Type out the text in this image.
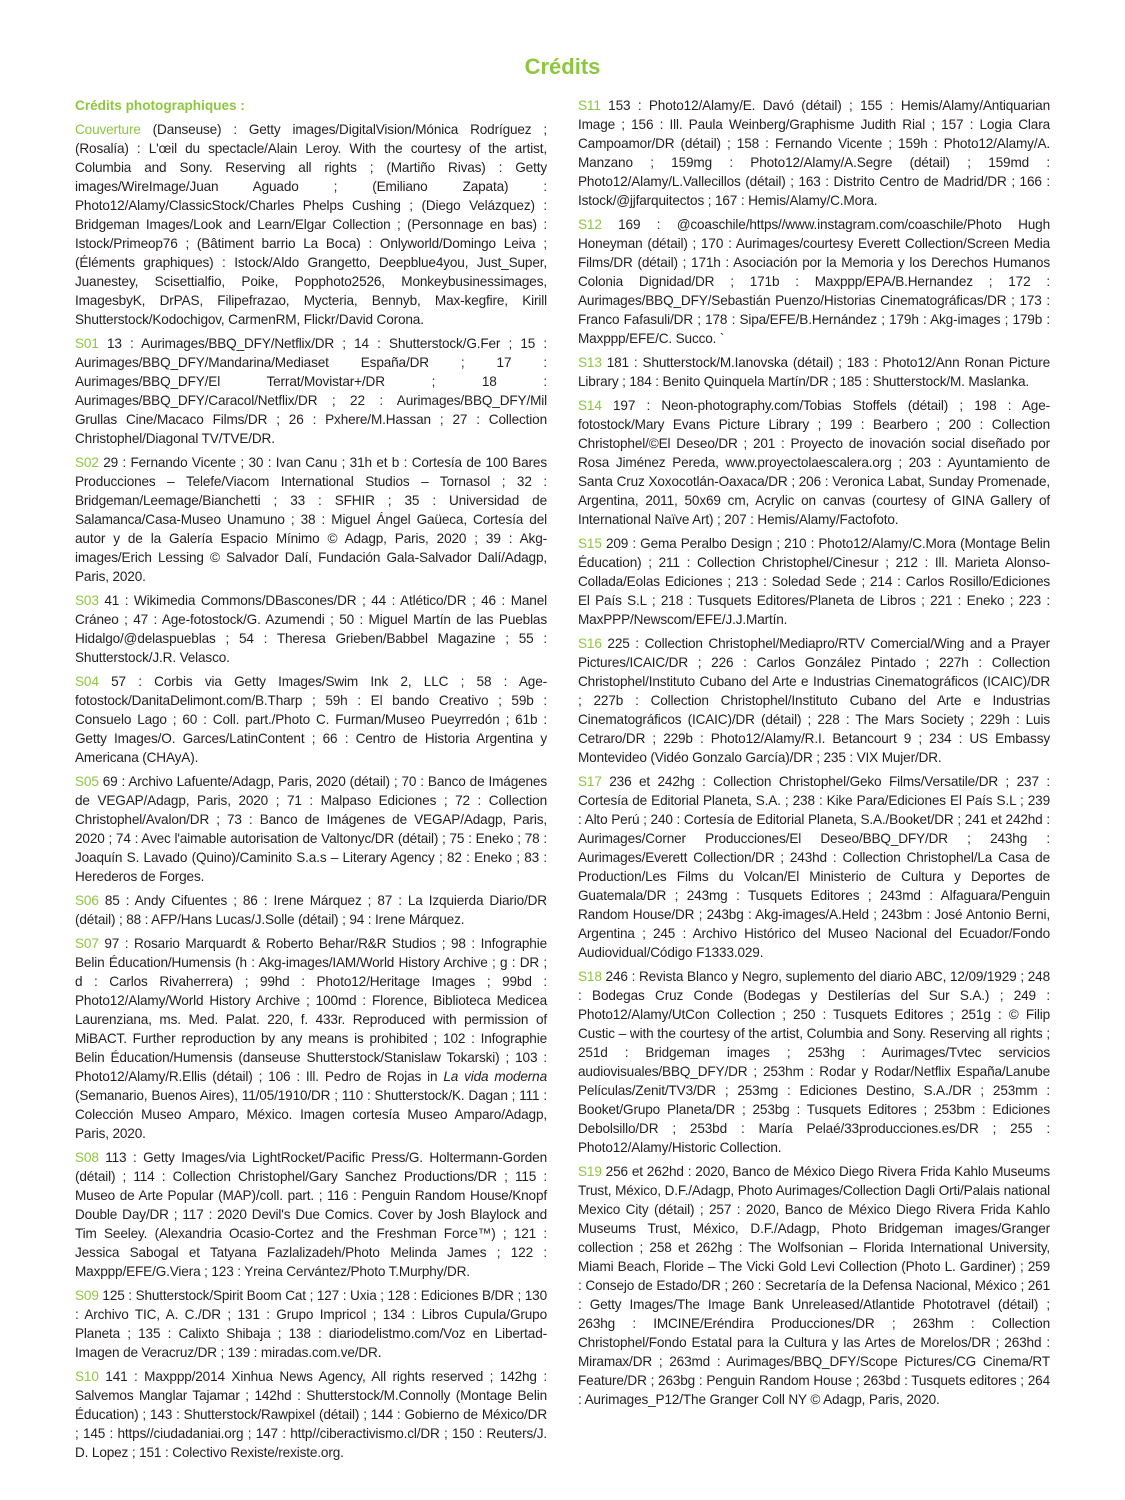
Crédits
Crédits photographiques :

Couverture (Danseuse) : Getty images/DigitalVision/Mónica Rodríguez ; (Rosalía) : L'œil du spectacle/Alain Leroy. With the courtesy of the artist, Columbia and Sony. Reserving all rights ; (Martiño Rivas) : Getty images/WireImage/Juan Aguado ; (Emiliano Zapata) : Photo12/Alamy/ClassicStock/Charles Phelps Cushing ; (Diego Velázquez) : Bridgeman Images/Look and Learn/Elgar Collection ; (Personnage en bas) : Istock/Primeop76 ; (Bâtiment barrio La Boca) : Onlyworld/Domingo Leiva ; (Éléments graphiques) : Istock/Aldo Grangetto, Deepblue4you, Just_Super, Juanestey, Scisettialfio, Poike, Popphoto2526, Monkeybusinessimages, ImagesbyK, DrPAS, Filipefrazao, Mycteria, Bennyb, Max-kegfire, Kirill Shutterstock/Kodochigov, CarmenRM, Flickr/David Corona.

S01 13 : Aurimages/BBQ_DFY/Netflix/DR ; 14 : Shutterstock/G.Fer ; 15 : Aurimages/BBQ_DFY/Mandarina/Mediaset España/DR ; 17 : Aurimages/BBQ_DFY/El Terrat/Movistar+/DR ; 18 : Aurimages/BBQ_DFY/Caracol/Netflix/DR ; 22 : Aurimages/BBQ_DFY/Mil Grullas Cine/Macaco Films/DR ; 26 : Pxhere/M.Hassan ; 27 : Collection Christophel/Diagonal TV/TVE/DR.

S02 29 : Fernando Vicente ; 30 : Ivan Canu ; 31h et b : Cortesía de 100 Bares Producciones – Telefe/Viacom International Studios – Tornasol ; 32 : Bridgeman/Leemage/Bianchetti ; 33 : SFHIR ; 35 : Universidad de Salamanca/Casa-Museo Unamuno ; 38 : Miguel Ángel Gaüeca, Cortesía del autor y de la Galería Espacio Mínimo © Adagp, Paris, 2020 ; 39 : Akg-images/Erich Lessing © Salvador Dalí, Fundación Gala-Salvador Dalí/Adagp, Paris, 2020.

S03 41 : Wikimedia Commons/DBascones/DR ; 44 : Atlético/DR ; 46 : Manel Cráneo ; 47 : Age-fotostock/G. Azumendi ; 50 : Miguel Martín de las Pueblas Hidalgo/@delaspueblas ; 54 : Theresa Grieben/Babbel Magazine ; 55 : Shutterstock/J.R. Velasco.

S04 57 : Corbis via Getty Images/Swim Ink 2, LLC ; 58 : Age-fotostock/DanitaDelimont.com/B.Tharp ; 59h : El bando Creativo ; 59b : Consuelo Lago ; 60 : Coll. part./Photo C. Furman/Museo Pueyrredón ; 61b : Getty Images/O. Garces/LatinContent ; 66 : Centro de Historia Argentina y Americana (CHAyA).

S05 69 : Archivo Lafuente/Adagp, Paris, 2020 (détail) ; 70 : Banco de Imágenes de VEGAP/Adagp, Paris, 2020 ; 71 : Malpaso Ediciones ; 72 : Collection Christophel/Avalon/DR ; 73 : Banco de Imágenes de VEGAP/Adagp, Paris, 2020 ; 74 : Avec l'aimable autorisation de Valtonyc/DR (détail) ; 75 : Eneko ; 78 : Joaquín S. Lavado (Quino)/Caminito S.a.s – Literary Agency ; 82 : Eneko ; 83 : Herederos de Forges.

S06 85 : Andy Cifuentes ; 86 : Irene Márquez ; 87 : La Izquierda Diario/DR (détail) ; 88 : AFP/Hans Lucas/J.Solle (détail) ; 94 : Irene Márquez.

S07 97 : Rosario Marquardt & Roberto Behar/R&R Studios ; 98 : Infographie Belin Éducation/Humensis (h : Akg-images/IAM/World History Archive ; g : DR ; d : Carlos Rivaherrera) ; 99hd : Photo12/Heritage Images ; 99bd : Photo12/Alamy/World History Archive ; 100md : Florence, Biblioteca Medicea Laurenziana, ms. Med. Palat. 220, f. 433r. Reproduced with permission of MiBACT. Further reproduction by any means is prohibited ; 102 : Infographie Belin Éducation/Humensis (danseuse Shutterstock/Stanislaw Tokarski) ; 103 : Photo12/Alamy/R.Ellis (détail) ; 106 : Ill. Pedro de Rojas in La vida moderna (Semanario, Buenos Aires), 11/05/1910/DR ; 110 : Shutterstock/K. Dagan ; 111 : Colección Museo Amparo, México. Imagen cortesía Museo Amparo/Adagp, Paris, 2020.

S08 113 : Getty Images/via LightRocket/Pacific Press/G. Holtermann-Gorden (détail) ; 114 : Collection Christophel/Gary Sanchez Productions/DR ; 115 : Museo de Arte Popular (MAP)/coll. part. ; 116 : Penguin Random House/Knopf Double Day/DR ; 117 : 2020 Devil's Due Comics. Cover by Josh Blaylock and Tim Seeley. (Alexandria Ocasio-Cortez and the Freshman Force™) ; 121 : Jessica Sabogal et Tatyana Fazlalizadeh/Photo Melinda James ; 122 : Maxppp/EFE/G.Viera ; 123 : Yreina Cervántez/Photo T.Murphy/DR.

S09 125 : Shutterstock/Spirit Boom Cat ; 127 : Uxia ; 128 : Ediciones B/DR ; 130 : Archivo TIC, A. C./DR ; 131 : Grupo Impricol ; 134 : Libros Cupula/Grupo Planeta ; 135 : Calixto Shibaja ; 138 : diariodelistmo.com/Voz en Libertad-Imagen de Veracruz/DR ; 139 : miradas.com.ve/DR.

S10 141 : Maxppp/2014 Xinhua News Agency, All rights reserved ; 142hg : Salvemos Manglar Tajamar ; 142hd : Shutterstock/M.Connolly (Montage Belin Éducation) ; 143 : Shutterstock/Rawpixel (détail) ; 144 : Gobierno de México/DR ; 145 : https//ciudadaniai.org ; 147 : http//ciberactivismo.cl/DR ; 150 : Reuters/J. D. Lopez ; 151 : Colectivo Rexiste/rexiste.org.

S11 153 : Photo12/Alamy/E. Davó (détail) ; 155 : Hemis/Alamy/Antiquarian Image ; 156 : Ill. Paula Weinberg/Graphisme Judith Rial ; 157 : Logia Clara Campoamor/DR (détail) ; 158 : Fernando Vicente ; 159h : Photo12/Alamy/A. Manzano ; 159mg : Photo12/Alamy/A.Segre (détail) ; 159md : Photo12/Alamy/L.Vallecillos (détail) ; 163 : Distrito Centro de Madrid/DR ; 166 : Istock/@jjfarquitectos ; 167 : Hemis/Alamy/C.Mora.

S12 169 : @coaschile/https//www.instagram.com/coaschile/Photo Hugh Honeyman (détail) ; 170 : Aurimages/courtesy Everett Collection/Screen Media Films/DR (détail) ; 171h : Asociación por la Memoria y los Derechos Humanos Colonia Dignidad/DR ; 171b : Maxppp/EPA/B.Hernandez ; 172 : Aurimages/BBQ_DFY/Sebastián Puenzo/Historias Cinematográficas/DR ; 173 : Franco Fafasuli/DR ; 178 : Sipa/EFE/B.Hernández ; 179h : Akg-images ; 179b : Maxppp/EFE/C. Succo. `

S13 181 : Shutterstock/M.Ianovska (détail) ; 183 : Photo12/Ann Ronan Picture Library ; 184 : Benito Quinquela Martín/DR ; 185 : Shutterstock/M. Maslanka.

S14 197 : Neon-photography.com/Tobias Stoffels (détail) ; 198 : Age-fotostock/Mary Evans Picture Library ; 199 : Bearbero ; 200 : Collection Christophel/©El Deseo/DR ; 201 : Proyecto de inovación social diseñado por Rosa Jiménez Pereda, www.proyectolaescalera.org ; 203 : Ayuntamiento de Santa Cruz Xoxocotlán-Oaxaca/DR ; 206 : Veronica Labat, Sunday Promenade, Argentina, 2011, 50x69 cm, Acrylic on canvas (courtesy of GINA Gallery of International Naïve Art) ; 207 : Hemis/Alamy/Factofoto.

S15 209 : Gema Peralbo Design ; 210 : Photo12/Alamy/C.Mora (Montage Belin Éducation) ; 211 : Collection Christophel/Cinesur ; 212 : Ill. Marieta Alonso-Collada/Eolas Ediciones ; 213 : Soledad Sede ; 214 : Carlos Rosillo/Ediciones El País S.L ; 218 : Tusquets Editores/Planeta de Libros ; 221 : Eneko ; 223 : MaxPPP/Newscom/EFE/J.J.Martín.

S16 225 : Collection Christophel/Mediapro/RTV Comercial/Wing and a Prayer Pictures/ICAIC/DR ; 226 : Carlos González Pintado ; 227h : Collection Christophel/Instituto Cubano del Arte e Industrias Cinematográficos (ICAIC)/DR ; 227b : Collection Christophel/Instituto Cubano del Arte e Industrias Cinematográficos (ICAIC)/DR (détail) ; 228 : The Mars Society ; 229h : Luis Cetraro/DR ; 229b : Photo12/Alamy/R.I. Betancourt 9 ; 234 : US Embassy Montevideo (Vidéo Gonzalo García)/DR ; 235 : VIX Mujer/DR.

S17 236 et 242hg : Collection Christophel/Geko Films/Versatile/DR ; 237 : Cortesía de Editorial Planeta, S.A. ; 238 : Kike Para/Ediciones El País S.L ; 239 : Alto Perú ; 240 : Cortesía de Editorial Planeta, S.A./Booket/DR ; 241 et 242hd : Aurimages/Corner Producciones/El Deseo/BBQ_DFY/DR ; 243hg : Aurimages/Everett Collection/DR ; 243hd : Collection Christophel/La Casa de Production/Les Films du Volcan/El Ministerio de Cultura y Deportes de Guatemala/DR ; 243mg : Tusquets Editores ; 243md : Alfaguara/Penguin Random House/DR ; 243bg : Akg-images/A.Held ; 243bm : José Antonio Berni, Argentina ; 245 : Archivo Histórico del Museo Nacional del Ecuador/Fondo Audiovidual/Código F1333.029.

S18 246 : Revista Blanco y Negro, suplemento del diario ABC, 12/09/1929 ; 248 : Bodegas Cruz Conde (Bodegas y Destilerías del Sur S.A.) ; 249 : Photo12/Alamy/UtCon Collection ; 250 : Tusquets Editores ; 251g : © Filip Custic – with the courtesy of the artist, Columbia and Sony. Reserving all rights ; 251d : Bridgeman images ; 253hg : Aurimages/Tvtec servicios audiovisuales/BBQ_DFY/DR ; 253hm : Rodar y Rodar/Netflix España/Lanube Películas/Zenit/TV3/DR ; 253mg : Ediciones Destino, S.A./DR ; 253mm : Booket/Grupo Planeta/DR ; 253bg : Tusquets Editores ; 253bm : Ediciones Debolsillo/DR ; 253bd : María Pelaé/33producciones.es/DR ; 255 : Photo12/Alamy/Historic Collection.

S19 256 et 262hd : 2020, Banco de México Diego Rivera Frida Kahlo Museums Trust, México, D.F./Adagp, Photo Aurimages/Collection Dagli Orti/Palais national Mexico City (détail) ; 257 : 2020, Banco de México Diego Rivera Frida Kahlo Museums Trust, México, D.F./Adagp, Photo Bridgeman images/Granger collection ; 258 et 262hg : The Wolfsonian – Florida International University, Miami Beach, Floride – The Vicki Gold Levi Collection (Photo L. Gardiner) ; 259 : Consejo de Estado/DR ; 260 : Secretaría de la Defensa Nacional, México ; 261 : Getty Images/The Image Bank Unreleased/Atlantide Phototravel (détail) ; 263hg : IMCINE/Eréndira Producciones/DR ; 263hm : Collection Christophel/Fondo Estatal para la Cultura y las Artes de Morelos/DR ; 263hd : Miramax/DR ; 263md : Aurimages/BBQ_DFY/Scope Pictures/CG Cinema/RT Feature/DR ; 263bg : Penguin Random House ; 263bd : Tusquets editores ; 264 : Aurimages_P12/The Granger Coll NY © Adagp, Paris, 2020.
